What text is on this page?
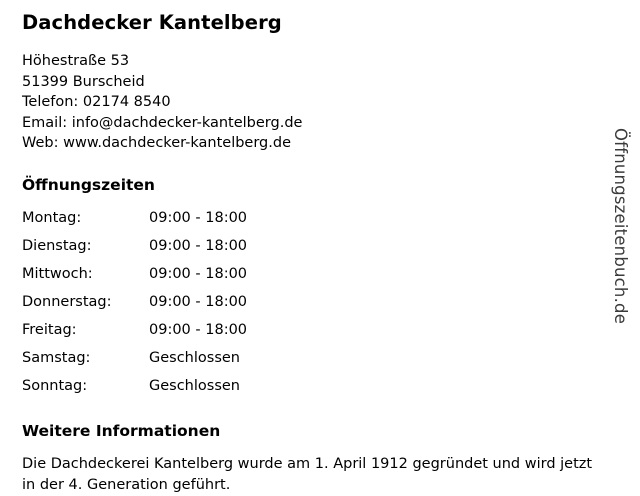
Dachdecker Kantelberg
Höhestraße 53
51399 Burscheid
Telefon: 02174 8540
Email: info@dachdecker-kantelberg.de
Web: www.dachdecker-kantelberg.de
Öffnungszeiten
Montag:	09:00 - 18:00
Dienstag:	09:00 - 18:00
Mittwoch:	09:00 - 18:00
Donnerstag:	09:00 - 18:00
Freitag:	09:00 - 18:00
Samstag:	Geschlossen
Sonntag:	Geschlossen
Weitere Informationen
Die Dachdeckerei Kantelberg wurde am 1. April 1912 gegründet und wird jetzt in der 4. Generation geführt.
Öffnungszeitenbuch.de
